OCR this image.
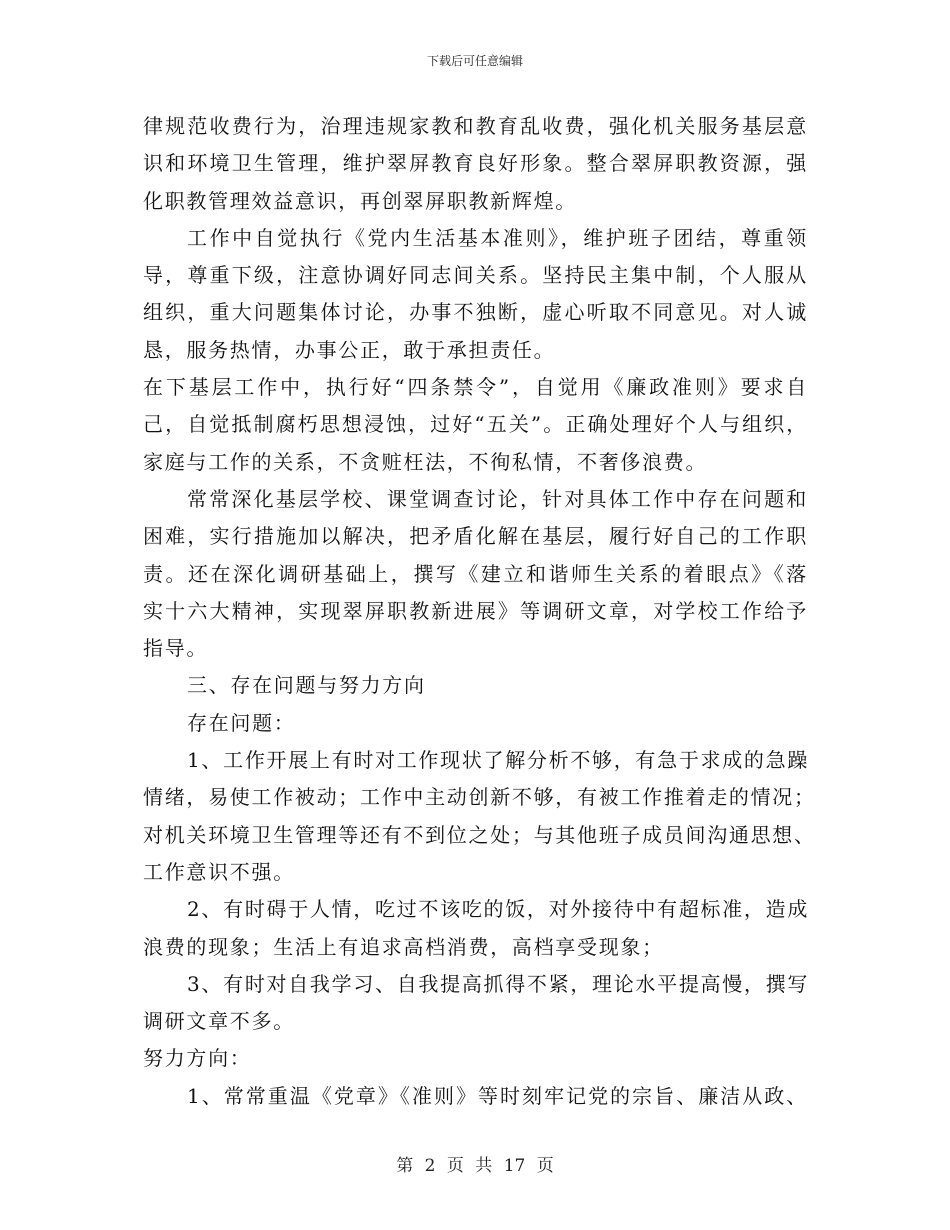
下载后可任意编辑
律规范收费行为，治理违规家教和教育乱收费，强化机关服务基层意
识和环境卫生管理，维护翠屏教育良好形象。整合翠屏职教资源，强
化职教管理效益意识，再创翠屏职教新辉煌。
工作中自觉执行《党内生活基本准则》，维护班子团结，尊重领
导，尊重下级，注意协调好同志间关系。坚持民主集中制，个人服从
组织，重大问题集体讨论，办事不独断，虚心听取不同意见。对人诚
恳，服务热情，办事公正，敢于承担责任。
在下基层工作中，执行好“四条禁令”，自觉用《廉政准则》要求自
己，自觉抵制腐朽思想浸蚀，过好“五关”。正确处理好个人与组织，
家庭与工作的关系，不贪赃枉法，不徇私情，不奢侈浪费。
常常深化基层学校、课堂调查讨论，针对具体工作中存在问题和
困难，实行措施加以解决，把矛盾化解在基层，履行好自己的工作职
责。还在深化调研基础上，撰写《建立和谐师生关系的着眼点》《落
实十六大精神，实现翠屏职教新进展》等调研文章，对学校工作给予
指导。
三、存在问题与努力方向
存在问题：
1、工作开展上有时对工作现状了解分析不够，有急于求成的急躁
情绪，易使工作被动；工作中主动创新不够，有被工作推着走的情况；
对机关环境卫生管理等还有不到位之处；与其他班子成员间沟通思想、
工作意识不强。
2、有时碍于人情，吃过不该吃的饭，对外接待中有超标准，造成
浪费的现象；生活上有追求高档消费，高档享受现象；
3、有时对自我学习、自我提高抓得不紧，理论水平提高慢，撰写
调研文章不多。
努力方向：
1、常常重温《党章》《准则》等时刻牢记党的宗旨、廉洁从政、
第 2 页 共 17 页
